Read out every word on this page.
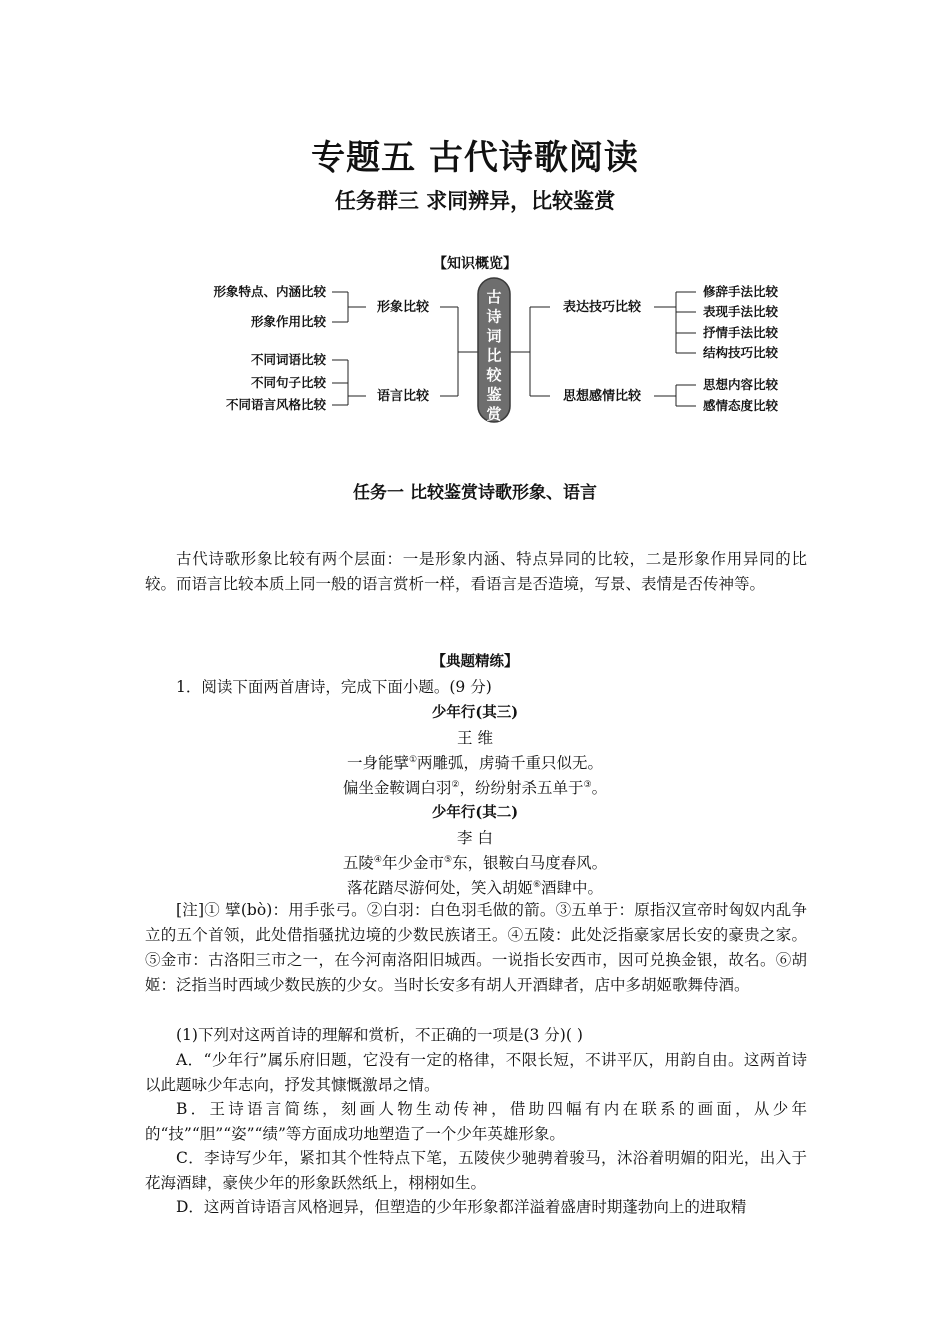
专题五 古代诗歌阅读
任务群三 求同辨异，比较鉴赏
【知识概览】
古诗词比较鉴赏
形象特点、内涵比较
形象作用比较
不同词语比较
不同句子比较
不同语言风格比较
形象比较
语言比较
表达技巧比较
思想感情比较
修辞手法比较
表现手法比较
抒情手法比较
结构技巧比较
思想内容比较
感情态度比较
任务一 比较鉴赏诗歌形象、语言
古代诗歌形象比较有两个层面：一是形象内涵、特点异同的比较，二是形象作用异同的比较。而语言比较本质上同一般的语言赏析一样，看语言是否造境，写景、表情是否传神等。
【典题精练】
1．阅读下面两首唐诗，完成下面小题。(9 分)
少年行(其三)
王 维
一身能擘①两雕弧，虏骑千重只似无。
偏坐金鞍调白羽②，纷纷射杀五单于③。
少年行(其二)
李 白
五陵④年少金市⑤东，银鞍白马度春风。
落花踏尽游何处，笑入胡姬⑥酒肆中。
[注]① 擘(bò)：用手张弓。②白羽：白色羽毛做的箭。③五单于：原指汉宣帝时匈奴内乱争立的五个首领，此处借指骚扰边境的少数民族诸王。④五陵：此处泛指豪家居长安的豪贵之家。⑤金市：古洛阳三市之一，在今河南洛阳旧城西。一说指长安西市，因可兑换金银，故名。⑥胡姬：泛指当时西域少数民族的少女。当时长安多有胡人开酒肆者，店中多胡姬歌舞侍酒。
(1)下列对这两首诗的理解和赏析，不正确的一项是(3 分)( )
A．“少年行”属乐府旧题，它没有一定的格律，不限长短，不讲平仄，用韵自由。这两首诗以此题咏少年志向，抒发其慷慨激昂之情。
B．王诗语言简练，刻画人物生动传神，借助四幅有内在联系的画面，从少年的“技”“胆”“姿”“绩”等方面成功地塑造了一个少年英雄形象。
C．李诗写少年，紧扣其个性特点下笔，五陵侠少驰骋着骏马，沐浴着明媚的阳光，出入于花海酒肆，豪侠少年的形象跃然纸上，栩栩如生。
D．这两首诗语言风格迥异，但塑造的少年形象都洋溢着盛唐时期蓬勃向上的进取精
